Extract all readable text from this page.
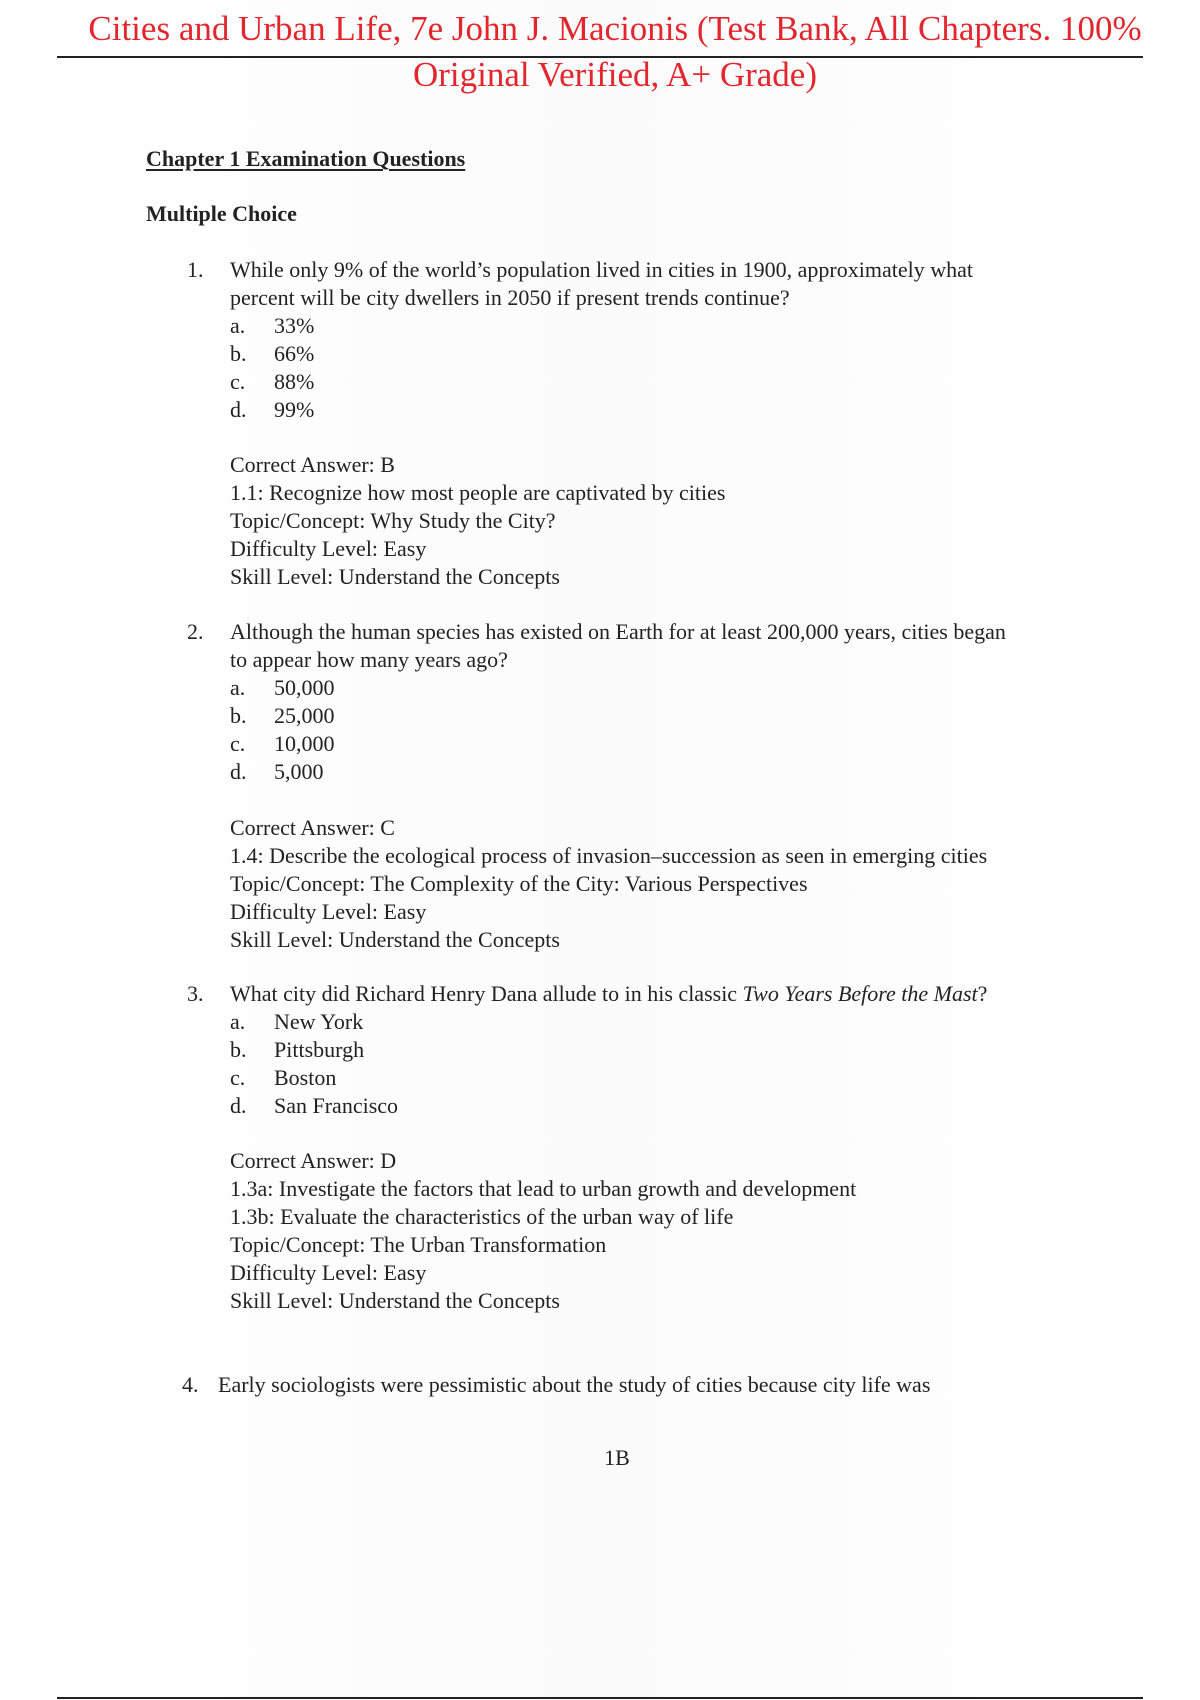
Cities and Urban Life, 7e John J. Macionis (Test Bank, All Chapters. 100%
Original Verified, A+ Grade)
Chapter 1 Examination Questions
Multiple Choice
1. While only 9% of the world’s population lived in cities in 1900, approximately what
percent will be city dwellers in 2050 if present trends continue?
a.	33%
b.	66%
c.	88%
d.	99%
Correct Answer: B
1.1: Recognize how most people are captivated by cities
Topic/Concept: Why Study the City?
Difficulty Level: Easy
Skill Level: Understand the Concepts
2. Although the human species has existed on Earth for at least 200,000 years, cities began
to appear how many years ago?
a.	50,000
b.	25,000
c.	10,000
d.	5,000
Correct Answer: C
1.4: Describe the ecological process of invasion–succession as seen in emerging cities
Topic/Concept: The Complexity of the City: Various Perspectives
Difficulty Level: Easy
Skill Level: Understand the Concepts
3. What city did Richard Henry Dana allude to in his classic Two Years Before the Mast?
a.	New York
b.	Pittsburgh
c.	Boston
d.	San Francisco
Correct Answer: D
1.3a: Investigate the factors that lead to urban growth and development
1.3b: Evaluate the characteristics of the urban way of life
Topic/Concept: The Urban Transformation
Difficulty Level: Easy
Skill Level: Understand the Concepts
4. Early sociologists were pessimistic about the study of cities because city life was
1B
